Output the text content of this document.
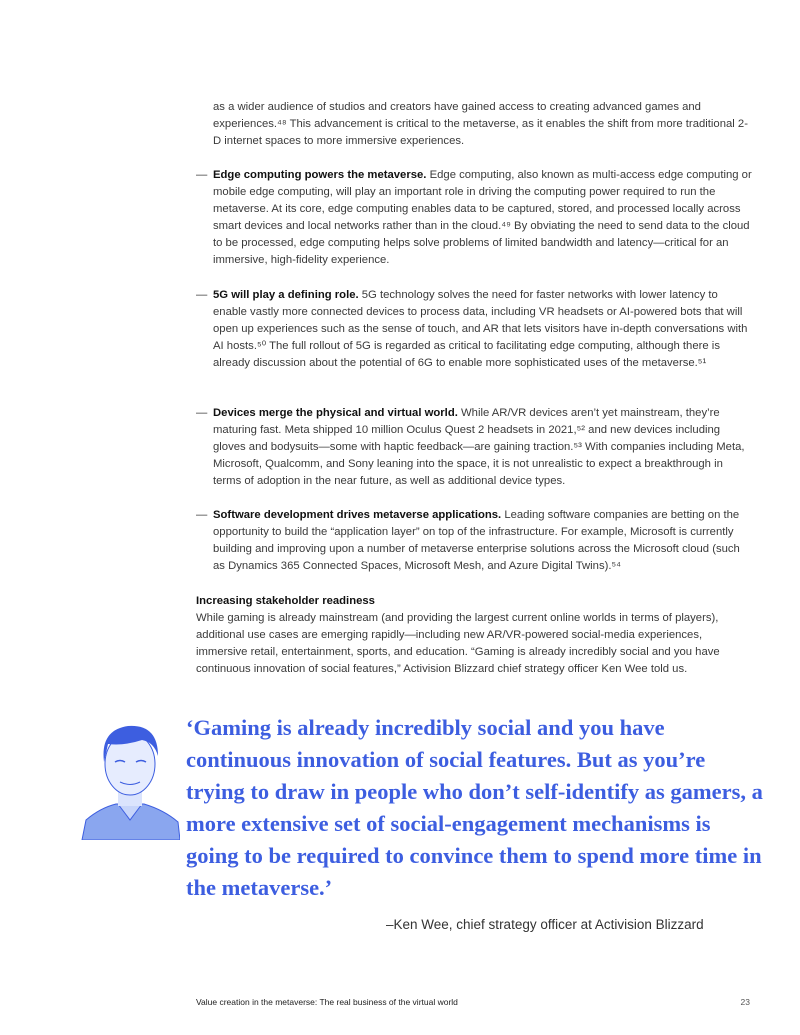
as a wider audience of studios and creators have gained access to creating advanced games and experiences.⁴⁸ This advancement is critical to the metaverse, as it enables the shift from more traditional 2-D internet spaces to more immersive experiences.
— Edge computing powers the metaverse. Edge computing, also known as multi-access edge computing or mobile edge computing, will play an important role in driving the computing power required to run the metaverse. At its core, edge computing enables data to be captured, stored, and processed locally across smart devices and local networks rather than in the cloud.⁴⁹ By obviating the need to send data to the cloud to be processed, edge computing helps solve problems of limited bandwidth and latency—critical for an immersive, high-fidelity experience.
— 5G will play a defining role. 5G technology solves the need for faster networks with lower latency to enable vastly more connected devices to process data, including VR headsets or AI-powered bots that will open up experiences such as the sense of touch, and AR that lets visitors have in-depth conversations with AI hosts.⁵⁰ The full rollout of 5G is regarded as critical to facilitating edge computing, although there is already discussion about the potential of 6G to enable more sophisticated uses of the metaverse.⁵¹
— Devices merge the physical and virtual world. While AR/VR devices aren’t yet mainstream, they’re maturing fast. Meta shipped 10 million Oculus Quest 2 headsets in 2021,⁵² and new devices including gloves and bodysuits—some with haptic feedback—are gaining traction.⁵³ With companies including Meta, Microsoft, Qualcomm, and Sony leaning into the space, it is not unrealistic to expect a breakthrough in terms of adoption in the near future, as well as additional device types.
— Software development drives metaverse applications. Leading software companies are betting on the opportunity to build the “application layer” on top of the infrastructure. For example, Microsoft is currently building and improving upon a number of metaverse enterprise solutions across the Microsoft cloud (such as Dynamics 365 Connected Spaces, Microsoft Mesh, and Azure Digital Twins).⁵⁴
Increasing stakeholder readiness
While gaming is already mainstream (and providing the largest current online worlds in terms of players), additional use cases are emerging rapidly—including new AR/VR-powered social-media experiences, immersive retail, entertainment, sports, and education. “Gaming is already incredibly social and you have continuous innovation of social features,” Activision Blizzard chief strategy officer Ken Wee told us.
‘Gaming is already incredibly social and you have continuous innovation of social features. But as you’re trying to draw in people who don’t self-identify as gamers, a more extensive set of social-engagement mechanisms is going to be required to convince them to spend more time in the metaverse.’
–Ken Wee, chief strategy officer at Activision Blizzard
Value creation in the metaverse: The real business of the virtual world	23
